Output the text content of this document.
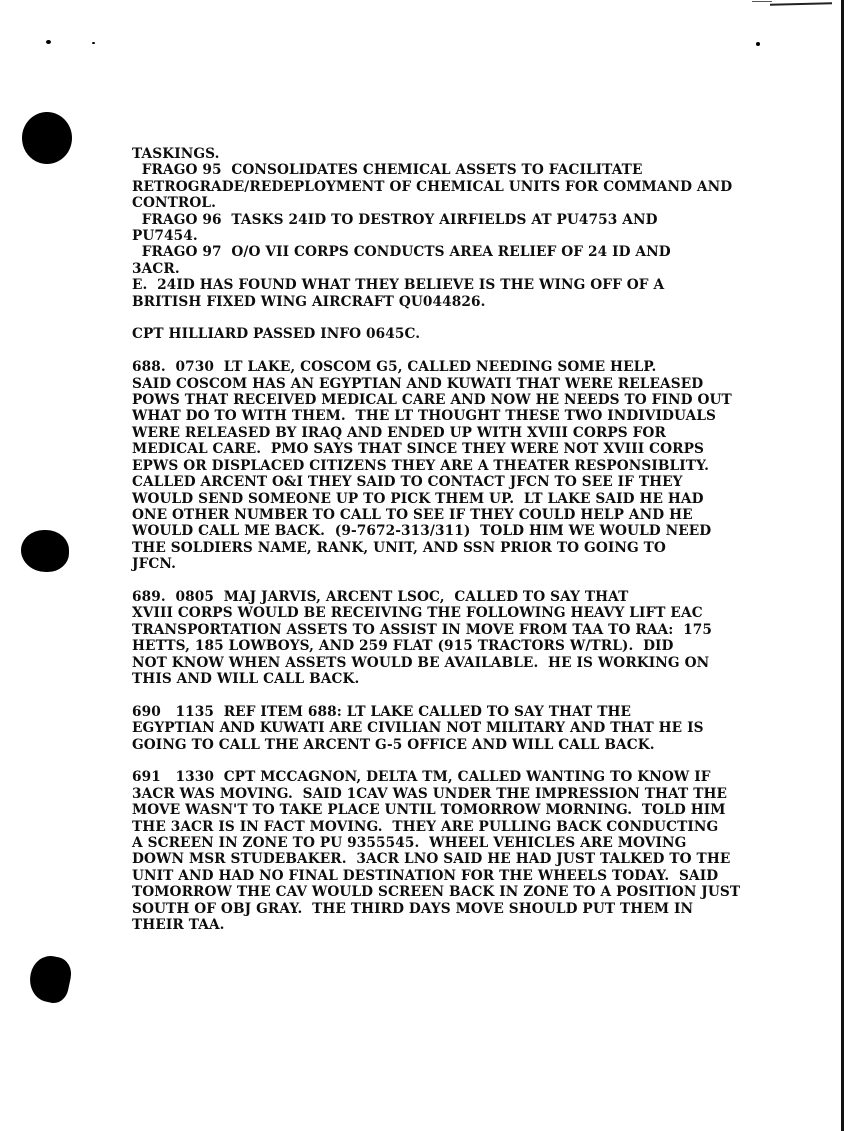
TASKINGS.
FRAGO 95  CONSOLIDATES CHEMICAL ASSETS TO FACILITATE
RETROGRADE/REDEPLOYMENT OF CHEMICAL UNITS FOR COMMAND AND
CONTROL.
FRAGO 96  TASKS 24ID TO DESTROY AIRFIELDS AT PU4753 AND
PU7454.
FRAGO 97  O/O VII CORPS CONDUCTS AREA RELIEF OF 24 ID AND
3ACR.
E.  24ID HAS FOUND WHAT THEY BELIEVE IS THE WING OFF OF A
BRITISH FIXED WING AIRCRAFT QU044826.
CPT HILLIARD PASSED INFO 0645C.
688.  0730  LT LAKE, COSCOM G5, CALLED NEEDING SOME HELP.
SAID COSCOM HAS AN EGYPTIAN AND KUWATI THAT WERE RELEASED
POWS THAT RECEIVED MEDICAL CARE AND NOW HE NEEDS TO FIND OUT
WHAT DO TO WITH THEM.  THE LT THOUGHT THESE TWO INDIVIDUALS
WERE RELEASED BY IRAQ AND ENDED UP WITH XVIII CORPS FOR
MEDICAL CARE.  PMO SAYS THAT SINCE THEY WERE NOT XVIII CORPS
EPWS OR DISPLACED CITIZENS THEY ARE A THEATER RESPONSIBLITY.
CALLED ARCENT O&I THEY SAID TO CONTACT JFCN TO SEE IF THEY
WOULD SEND SOMEONE UP TO PICK THEM UP.  LT LAKE SAID HE HAD
ONE OTHER NUMBER TO CALL TO SEE IF THEY COULD HELP AND HE
WOULD CALL ME BACK.  (9-7672-313/311)  TOLD HIM WE WOULD NEED
THE SOLDIERS NAME, RANK, UNIT, AND SSN PRIOR TO GOING TO
JFCN.
689.  0805  MAJ JARVIS, ARCENT LSOC,  CALLED TO SAY THAT
XVIII CORPS WOULD BE RECEIVING THE FOLLOWING HEAVY LIFT EAC
TRANSPORTATION ASSETS TO ASSIST IN MOVE FROM TAA TO RAA:  175
HETTS, 185 LOWBOYS, AND 259 FLAT (915 TRACTORS W/TRL).  DID
NOT KNOW WHEN ASSETS WOULD BE AVAILABLE.  HE IS WORKING ON
THIS AND WILL CALL BACK.
690   1135  REF ITEM 688: LT LAKE CALLED TO SAY THAT THE
EGYPTIAN AND KUWATI ARE CIVILIAN NOT MILITARY AND THAT HE IS
GOING TO CALL THE ARCENT G-5 OFFICE AND WILL CALL BACK.
691   1330  CPT MCCAGNON, DELTA TM, CALLED WANTING TO KNOW IF
3ACR WAS MOVING.  SAID 1CAV WAS UNDER THE IMPRESSION THAT THE
MOVE WASN'T TO TAKE PLACE UNTIL TOMORROW MORNING.  TOLD HIM
THE 3ACR IS IN FACT MOVING.  THEY ARE PULLING BACK CONDUCTING
A SCREEN IN ZONE TO PU 9355545.  WHEEL VEHICLES ARE MOVING
DOWN MSR STUDEBAKER.  3ACR LNO SAID HE HAD JUST TALKED TO THE
UNIT AND HAD NO FINAL DESTINATION FOR THE WHEELS TODAY.  SAID
TOMORROW THE CAV WOULD SCREEN BACK IN ZONE TO A POSITION JUST
SOUTH OF OBJ GRAY.  THE THIRD DAYS MOVE SHOULD PUT THEM IN
THEIR TAA.
